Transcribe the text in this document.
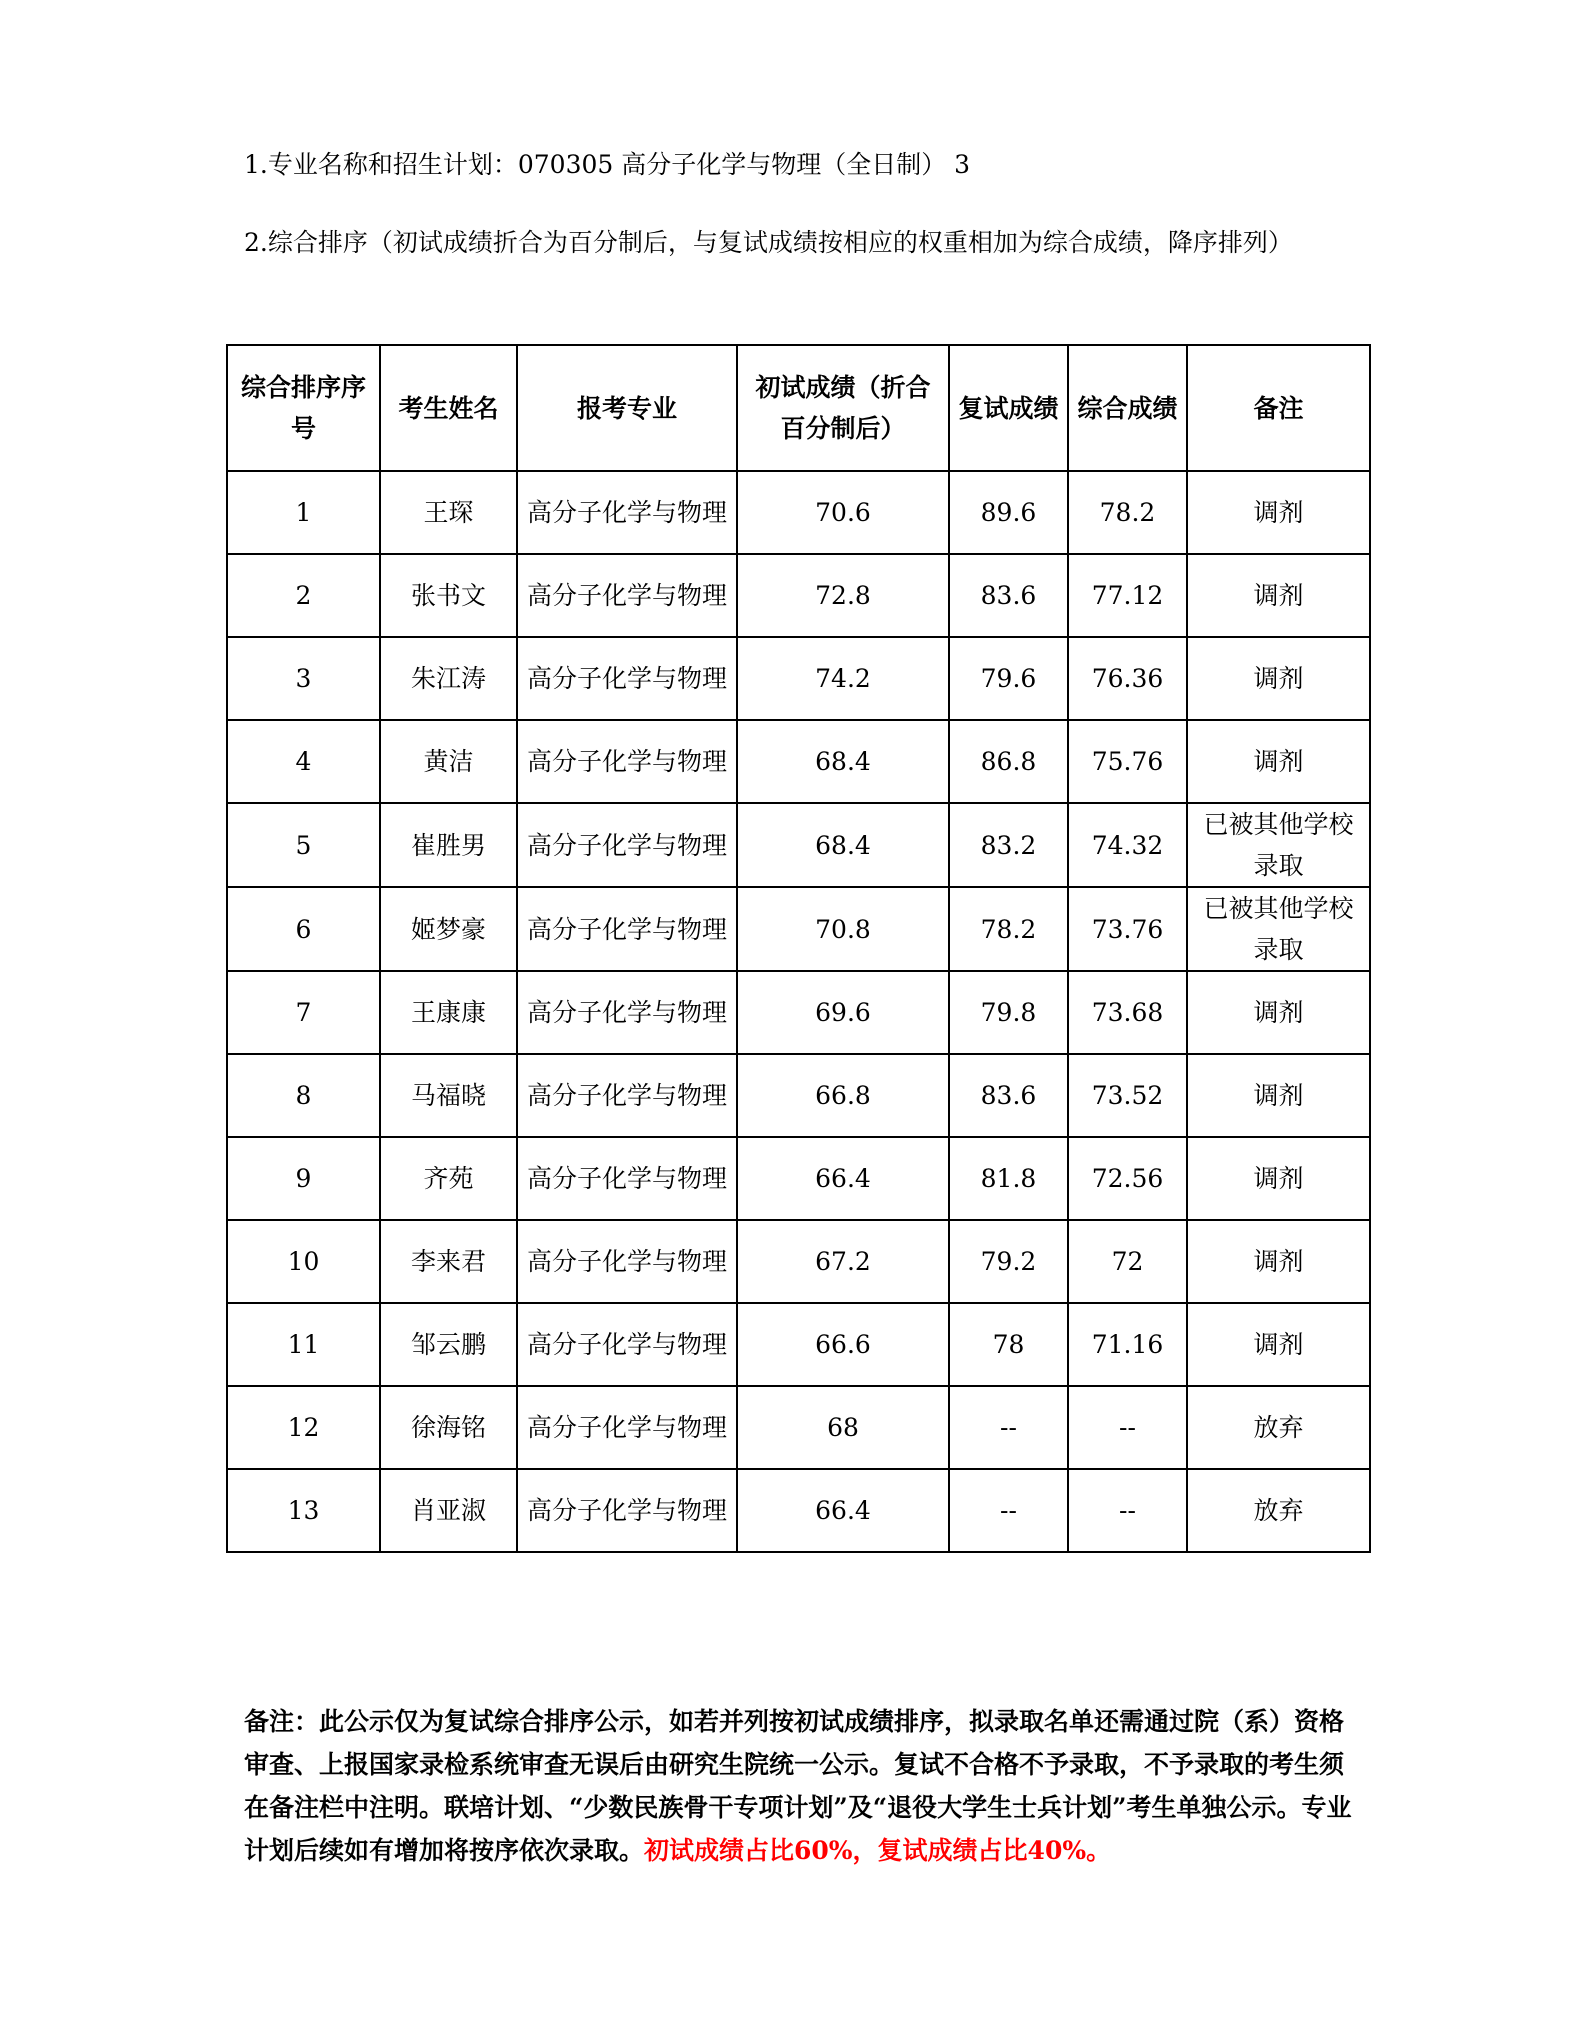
1.专业名称和招生计划：070305 高分子化学与物理（全日制） 3
2.综合排序（初试成绩折合为百分制后，与复试成绩按相应的权重相加为综合成绩，降序排列）
综合排序序号	考生姓名	报考专业	初试成绩（折合百分制后）	复试成绩	综合成绩	备注
1	王琛	高分子化学与物理	70.6	89.6	78.2	调剂
2	张书文	高分子化学与物理	72.8	83.6	77.12	调剂
3	朱江涛	高分子化学与物理	74.2	79.6	76.36	调剂
4	黄洁	高分子化学与物理	68.4	86.8	75.76	调剂
5	崔胜男	高分子化学与物理	68.4	83.2	74.32	已被其他学校录取
6	姬梦豪	高分子化学与物理	70.8	78.2	73.76	已被其他学校录取
7	王康康	高分子化学与物理	69.6	79.8	73.68	调剂
8	马福晓	高分子化学与物理	66.8	83.6	73.52	调剂
9	齐苑	高分子化学与物理	66.4	81.8	72.56	调剂
10	李来君	高分子化学与物理	67.2	79.2	72	调剂
11	邹云鹏	高分子化学与物理	66.6	78	71.16	调剂
12	徐海铭	高分子化学与物理	68	--	--	放弃
13	肖亚淑	高分子化学与物理	66.4	--	--	放弃
备注：此公示仅为复试综合排序公示，如若并列按初试成绩排序，拟录取名单还需通过院（系）资格审查、上报国家录检系统审查无误后由研究生院统一公示。复试不合格不予录取，不予录取的考生须在备注栏中注明。联培计划、“少数民族骨干专项计划”及“退役大学生士兵计划”考生单独公示。专业计划后续如有增加将按序依次录取。初试成绩占比60%，复试成绩占比40%。
